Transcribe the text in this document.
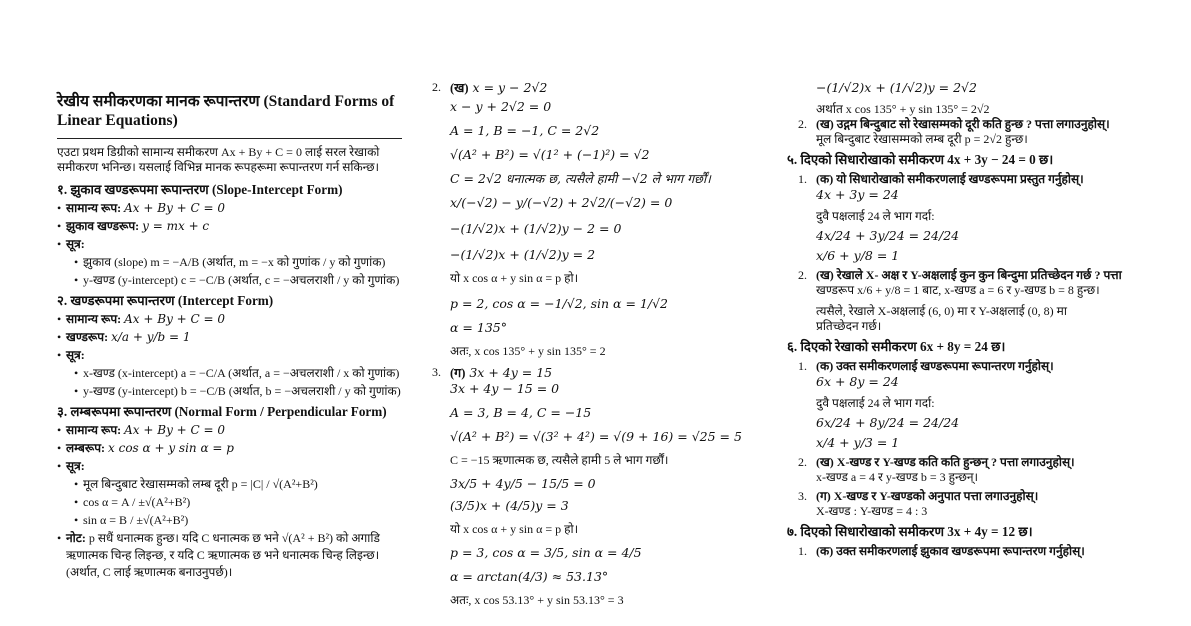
रेखीय समीकरणका मानक रूपान्तरण (Standard Forms of Linear Equations)

एउटा प्रथम डिग्रीको सामान्य समीकरण Ax + By + C = 0 लाई सरल रेखाको समीकरण भनिन्छ। यसलाई विभिन्न मानक रूपहरूमा रूपान्तरण गर्न सकिन्छ।

१. झुकाव खण्डरूपमा रूपान्तरण (Slope-Intercept Form)
• सामान्य रूप: Ax + By + C = 0
• झुकाव खण्डरूप: y = mx + c
• सूत्र:
• झुकाव (slope) m = −A/B (अर्थात, m = −x को गुणांक / y को गुणांक)
• y-खण्ड (y-intercept) c = −C/B (अर्थात, c = −अचलराशी / y को गुणांक)
२. खण्डरूपमा रूपान्तरण (Intercept Form)
• सामान्य रूप: Ax + By + C = 0
• खण्डरूप: x/a + y/b = 1
• सूत्र:
• x-खण्ड (x-intercept) a = −C/A (अर्थात, a = −अचलराशी / x को गुणांक)
• y-खण्ड (y-intercept) b = −C/B (अर्थात, b = −अचलराशी / y को गुणांक)
३. लम्बरूपमा रूपान्तरण (Normal Form / Perpendicular Form)
• सामान्य रूप: Ax + By + C = 0
• लम्बरूप: x cos α + y sin α = p
• सूत्र:
• मूल बिन्दुबाट रेखासम्मको लम्ब दूरी p = |C| / √(A²+B²)
• cos α = A / ±√(A²+B²)
• sin α = B / ±√(A²+B²)
• नोट: p सधैं धनात्मक हुन्छ। यदि C धनात्मक छ भने √(A² + B²) को अगाडि ऋणात्मक चिन्ह लिइन्छ, र यदि C ऋणात्मक छ भने धनात्मक चिन्ह लिइन्छ। (अर्थात, C लाई ऋणात्मक बनाउनुपर्छ)।
2. (ख) x = y − 2√2

x − y + 2√2 = 0

A = 1, B = −1, C = 2√2

√(A² + B²) = √(1² + (−1)²) = √2

C = 2√2 धनात्मक छ, त्यसैले हामी −√2 ले भाग गर्छौं।

x/(−√2) − y/(−√2) + 2√2/(−√2) = 0

−(1/√2)x + (1/√2)y − 2 = 0

−(1/√2)x + (1/√2)y = 2

यो x cos α + y sin α = p हो।

p = 2, cos α = −1/√2, sin α = 1/√2

α = 135°

अतः, x cos 135° + y sin 135° = 2

3. (ग) 3x + 4y = 15

3x + 4y − 15 = 0

A = 3, B = 4, C = −15

√(A² + B²) = √(3² + 4²) = √(9 + 16) = √25 = 5

C = −15 ऋणात्मक छ, त्यसैले हामी 5 ले भाग गर्छौं।

3x/5 + 4y/5 − 15/5 = 0

(3/5)x + (4/5)y = 3

यो x cos α + y sin α = p हो।

p = 3, cos α = 3/5, sin α = 4/5

α = arctan(4/3) ≈ 53.13°

अतः, x cos 53.13° + y sin 53.13° = 3

−(1/√2)x + (1/√2)y = 2√2

अर्थात x cos 135° + y sin 135° = 2√2

2. (ख) उद्गम बिन्दुबाट सो रेखासम्मको दूरी कति हुन्छ ? पत्ता लगाउनुहोस्।

मूल बिन्दुबाट रेखासम्मको लम्ब दूरी p = 2√2 हुन्छ।

५. दिएको सिधारोखाको समीकरण 4x + 3y − 24 = 0 छ।
1. (क) यो सिधारोखाको समीकरणलाई खण्डरूपमा प्रस्तुत गर्नुहोस्।

4x + 3y = 24

दुवै पक्षलाई 24 ले भाग गर्दा:

4x/24 + 3y/24 = 24/24

x/6 + y/8 = 1

2. (ख) रेखाले X- अक्ष र Y-अक्षलाई कुन कुन बिन्दुमा प्रतिच्छेदन गर्छ ? पत्ता

खण्डरूप x/6 + y/8 = 1 बाट, x-खण्ड a = 6 र y-खण्ड b = 8 हुन्छ।

त्यसैले, रेखाले X-अक्षलाई (6, 0) मा र Y-अक्षलाई (0, 8) मा

प्रतिच्छेदन गर्छ।

६. दिएको रेखाको समीकरण 6x + 8y = 24 छ।
1. (क) उक्त समीकरणलाई खण्डरूपमा रूपान्तरण गर्नुहोस्।

6x + 8y = 24

दुवै पक्षलाई 24 ले भाग गर्दा:

6x/24 + 8y/24 = 24/24

x/4 + y/3 = 1

2. (ख) X-खण्ड र Y-खण्ड कति कति हुन्छन् ? पत्ता लगाउनुहोस्।

x-खण्ड a = 4 र y-खण्ड b = 3 हुन्छन्।

3. (ग) X-खण्ड र Y-खण्डको अनुपात पत्ता लगाउनुहोस्।

X-खण्ड : Y-खण्ड = 4 : 3

७. दिएको सिधारोखाको समीकरण 3x + 4y = 12 छ।
1. (क) उक्त समीकरणलाई झुकाव खण्डरूपमा रूपान्तरण गर्नुहोस्।
